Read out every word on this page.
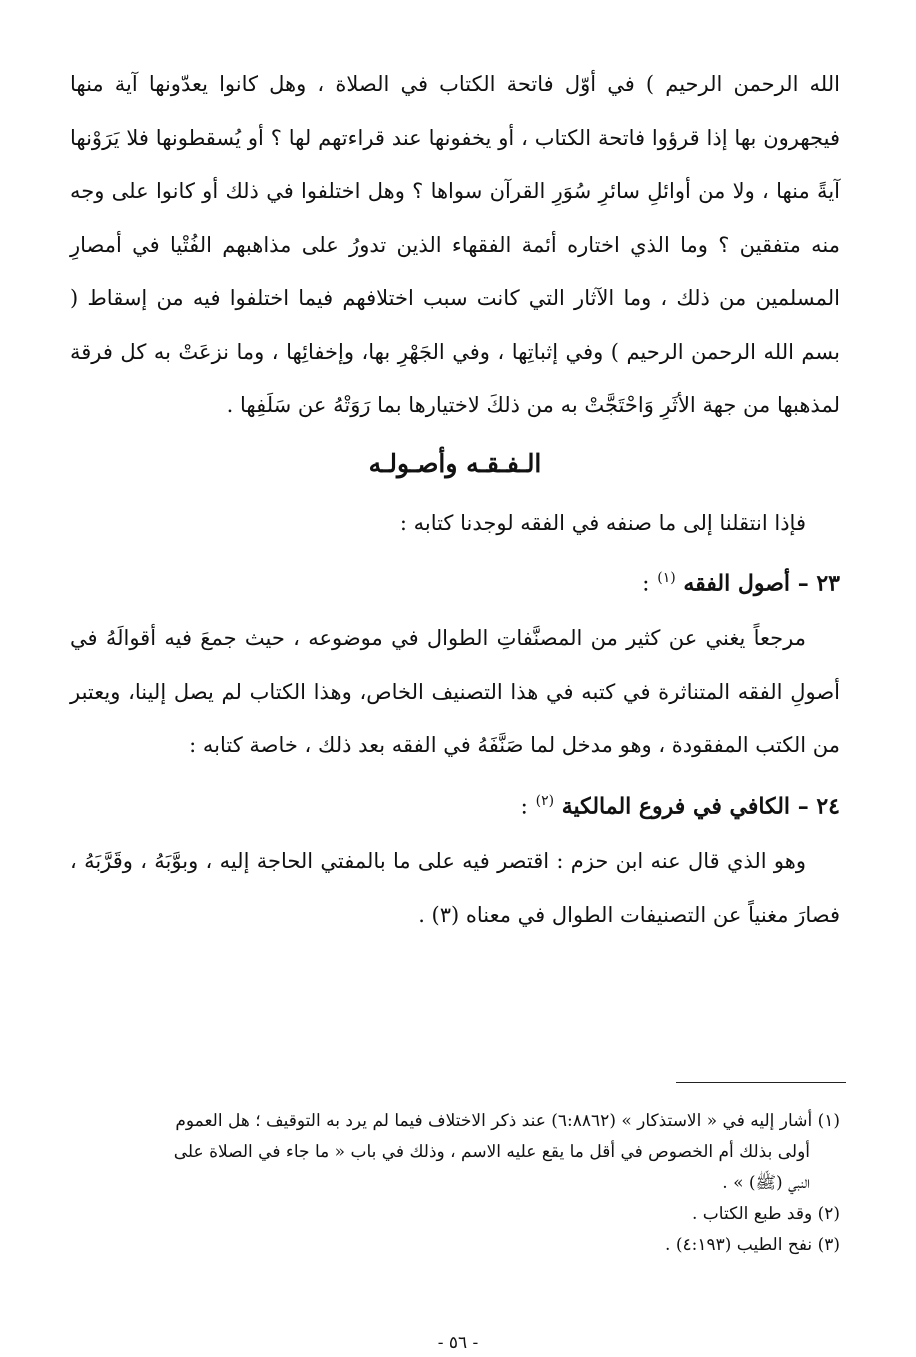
الله الرحمن الرحيم ) في أوّل فاتحة الكتاب في الصلاة ، وهل كانوا يعدّونها آية منها فيجهرون بها إذا قرؤوا فاتحة الكتاب ، أو يخفونها عند قراءتهم لها ؟ أو يُسقطونها فلا يَرَوْنها آيةً منها ، ولا من أوائلِ سائرِ سُوَرِ القرآن سواها ؟ وهل اختلفوا في ذلك أو كانوا على وجه منه متفقين ؟ وما الذي اختاره أئمة الفقهاء الذين تدورُ على مذاهبهم الفُتْيا في أمصارِ المسلمين من ذلك ، وما الآثار التي كانت سبب اختلافهم فيما اختلفوا فيه من إسقاط ( بسم الله الرحمن الرحيم ) وفي إثباتِها ، وفي الجَهْرِ بها، وإخفائِها ، وما نزعَتْ به كل فرقة لمذهبها من جهة الأثَرِ وَاحْتَجَّتْ به من ذلكَ لاختيارها بما رَوَتْهُ عن سَلَفِها .

الـفـقـه وأصـولـه

فإذا انتقلنا إلى ما صنفه في الفقه لوجدنا كتابه :

٢٣ – أصول الفقه $^{(١)}$ :

مرجعاً يغني عن كثير من المصنَّفاتِ الطوال في موضوعه ، حيث جمعَ فيه أقوالَهُ في أصولِ الفقه المتناثرة في كتبه في هذا التصنيف الخاص، وهذا الكتاب لم يصل إلينا، ويعتبر من الكتب المفقودة ، وهو مدخل لما صَنَّفَهُ في الفقه بعد ذلك ، خاصة كتابه :

٢٤ – الكافي في فروع المالكية $^{(٢)}$ :

وهو الذي قال عنه ابن حزم : اقتصر فيه على ما بالمفتي الحاجة إليه ، وبوَّبَهُ ، وقَرَّبَهُ ، فصارَ مغنياً عن التصنيفات الطوال في معناه (٣) .

(١) أشار إليه في « الاستذكار » (٦:٨٨٦٢) عند ذكر الاختلاف فيما لم يرد به التوقيف ؛ هل العموم

أولى بذلك أم الخصوص في أقل ما يقع عليه الاسم ، وذلك في باب « ما جاء في الصلاة على

النبي (ﷺ) » .

(٢) وقد طبع الكتاب .

(٣) نفح الطيب (٤:١٩٣) .

- ٥٦ -
